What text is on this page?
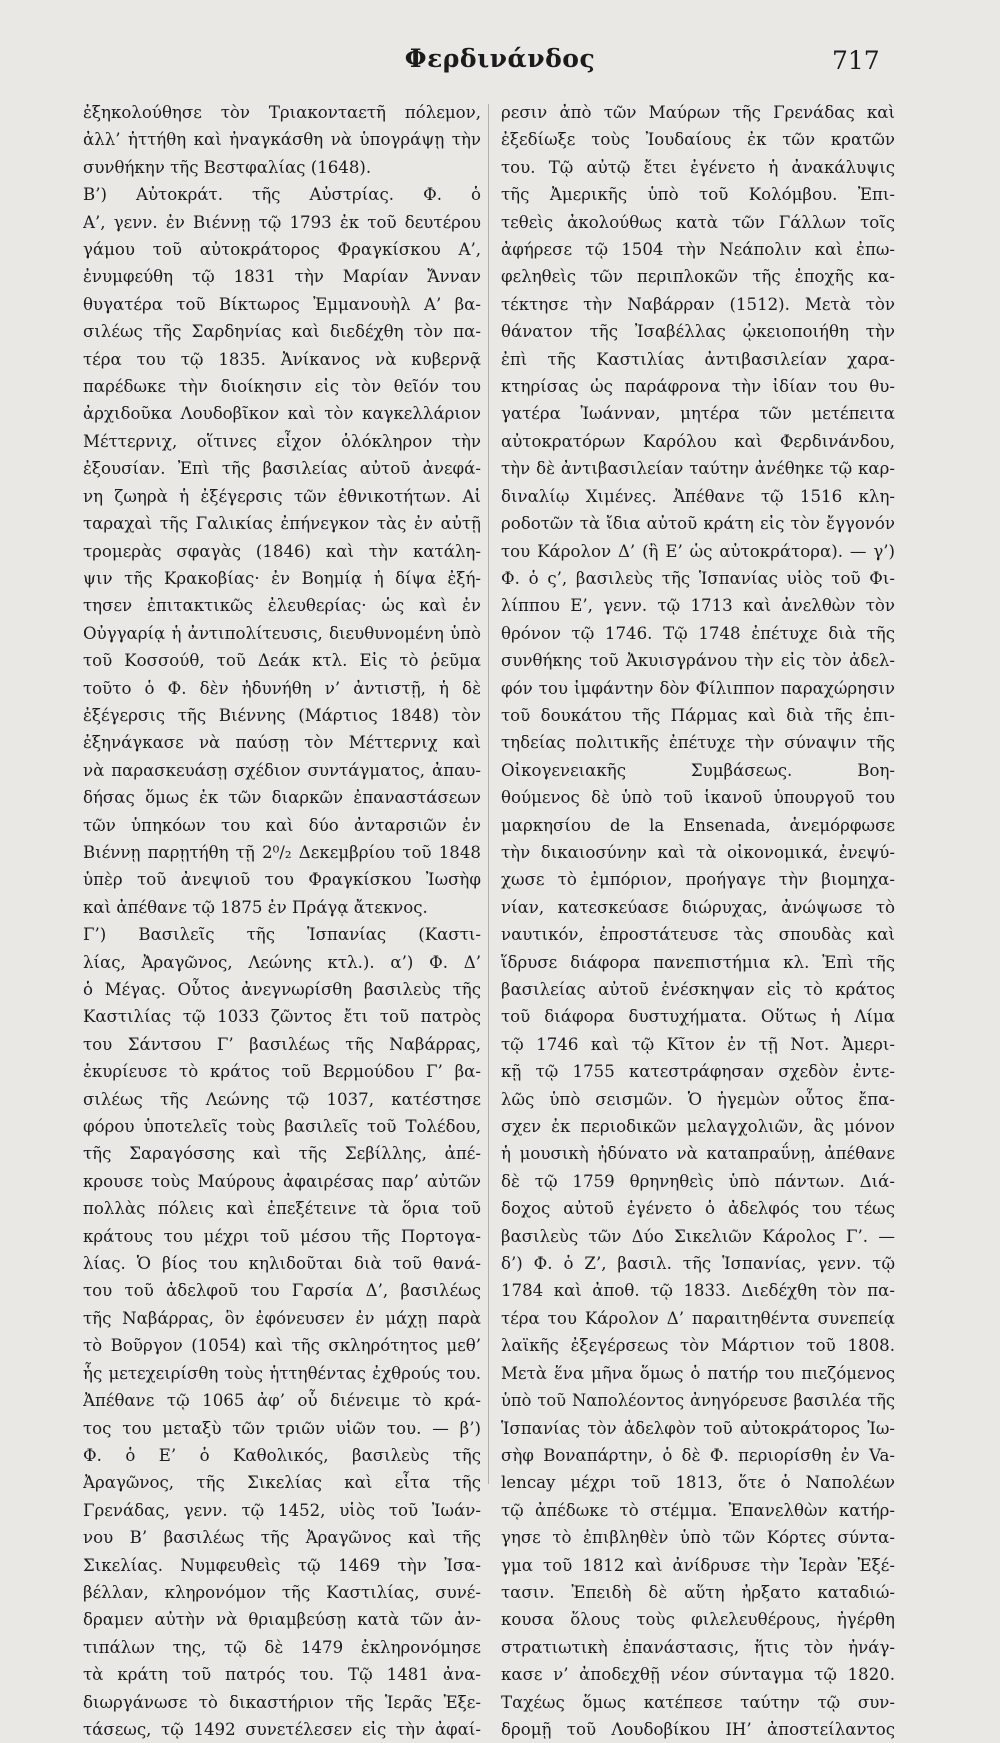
Φερδινάνδος	717
ἐξηκολούθησε τὸν Τριακονταετῆ πόλεμον,
ἀλλ’ ἡττήθη καὶ ἠναγκάσθη νὰ ὑπογράψῃ τὴν
συνθήκην τῆς Βεστφαλίας (1648).
Β’) Αὐτοκράτ. τῆς Αὐστρίας. Φ. ὁ
Α’, γενν. ἐν Βιέννῃ τῷ 1793 ἐκ τοῦ δευτέρου
γάμου τοῦ αὐτοκράτορος Φραγκίσκου Α’,
ἐνυμφεύθη τῷ 1831 τὴν Μαρίαν Ἄνναν
θυγατέρα τοῦ Βίκτωρος Ἐμμανουὴλ Α’ βα-
σιλέως τῆς Σαρδηνίας καὶ διεδέχθη τὸν πα-
τέρα του τῷ 1835. Ἀνίκανος νὰ κυβερνᾷ
παρέδωκε τὴν διοίκησιν εἰς τὸν θεῖόν του
ἀρχιδοῦκα Λουδοβῖκον καὶ τὸν καγκελλάριον
Μέττερνιχ, οἵτινες εἶχον ὁλόκληρον τὴν
ἐξουσίαν. Ἐπὶ τῆς βασιλείας αὐτοῦ ἀνεφά-
νη ζωηρὰ ἡ ἐξέγερσις τῶν ἐθνικοτήτων. Αἱ
ταραχαὶ τῆς Γαλικίας ἐπήνεγκον τὰς ἐν αὐτῇ
τρομερὰς σφαγὰς (1846) καὶ τὴν κατάλη-
ψιν τῆς Κρακοβίας· ἐν Βοημίᾳ ἡ δίψα ἐξή-
τησεν ἐπιτακτικῶς ἐλευθερίας· ὡς καὶ ἐν
Οὐγγαρίᾳ ἡ ἀντιπολίτευσις, διευθυνομένη ὑπὸ
τοῦ Κοσσούθ, τοῦ Δεάκ κτλ. Εἰς τὸ ῥεῦμα
τοῦτο ὁ Φ. δὲν ἠδυνήθη ν’ ἀντιστῇ, ἡ δὲ
ἐξέγερσις τῆς Βιέννης (Μάρτιος 1848) τὸν
ἐξηνάγκασε νὰ παύσῃ τὸν Μέττερνιχ καὶ
νὰ παρασκευάσῃ σχέδιον συντάγματος, ἀπαυ-
δήσας ὅμως ἐκ τῶν διαρκῶν ἐπαναστάσεων
τῶν ὑπηκόων του καὶ δύο ἀνταρσιῶν ἐν
Βιέννῃ παρῃτήθη τῇ 2⁰/₂ Δεκεμβρίου τοῦ 1848
ὑπὲρ τοῦ ἀνεψιοῦ του Φραγκίσκου Ἰωσὴφ
καὶ ἀπέθανε τῷ 1875 ἐν Πράγᾳ ἄτεκνος.
Γ’) Βασιλεῖς τῆς Ἱσπανίας (Καστι-
λίας, Ἀραγῶνος, Λεώνης κτλ.). α’) Φ. Δ’
ὁ Μέγας. Οὗτος ἀνεγνωρίσθη βασιλεὺς τῆς
Καστιλίας τῷ 1033 ζῶντος ἔτι τοῦ πατρὸς
του Σάντσου Γ’ βασιλέως τῆς Ναβάρρας,
ἐκυρίευσε τὸ κράτος τοῦ Βερμούδου Γ’ βα-
σιλέως τῆς Λεώνης τῷ 1037, κατέστησε
φόρου ὑποτελεῖς τοὺς βασιλεῖς τοῦ Τολέδου,
τῆς Σαραγόσσης καὶ τῆς Σεβίλλης, ἀπέ-
κρουσε τοὺς Μαύρους ἀφαιρέσας παρ’ αὐτῶν
πολλὰς πόλεις καὶ ἐπεξέτεινε τὰ ὅρια τοῦ
κράτους του μέχρι τοῦ μέσου τῆς Πορτογα-
λίας. Ὁ βίος του κηλιδοῦται διὰ τοῦ θανά-
του τοῦ ἀδελφοῦ του Γαρσία Δ’, βασιλέως
τῆς Ναβάρρας, ὃν ἐφόνευσεν ἐν μάχῃ παρὰ
τὸ Βοῦργον (1054) καὶ τῆς σκληρότητος μεθ’
ἧς μετεχειρίσθη τοὺς ἡττηθέντας ἐχθρούς του.
Ἀπέθανε τῷ 1065 ἀφ’ οὗ διένειμε τὸ κρά-
τος του μεταξὺ τῶν τριῶν υἱῶν του. — β’)
Φ. ὁ Ε’ ὁ Καθολικός, βασιλεὺς τῆς
Ἀραγῶνος, τῆς Σικελίας καὶ εἶτα τῆς
Γρενάδας, γενν. τῷ 1452, υἱὸς τοῦ Ἰωάν-
νου Β’ βασιλέως τῆς Ἀραγῶνος καὶ τῆς
Σικελίας. Νυμφευθεὶς τῷ 1469 τὴν Ἰσα-
βέλλαν, κληρονόμον τῆς Καστιλίας, συνέ-
δραμεν αὐτὴν νὰ θριαμβεύσῃ κατὰ τῶν ἀν-
τιπάλων της, τῷ δὲ 1479 ἐκληρονόμησε
τὰ κράτη τοῦ πατρός του. Τῷ 1481 ἀνα-
διωργάνωσε τὸ δικαστήριον τῆς Ἱερᾶς Ἐξε-
τάσεως, τῷ 1492 συνετέλεσεν εἰς τὴν ἀφαί-
ρεσιν ἀπὸ τῶν Μαύρων τῆς Γρενάδας καὶ
ἐξεδίωξε τοὺς Ἰουδαίους ἐκ τῶν κρατῶν
του. Τῷ αὐτῷ ἔτει ἐγένετο ἡ ἀνακάλυψις
τῆς Ἀμερικῆς ὑπὸ τοῦ Κολόμβου. Ἐπι-
τεθεὶς ἀκολούθως κατὰ τῶν Γάλλων τοῖς
ἀφήρεσε τῷ 1504 τὴν Νεάπολιν καὶ ἐπω-
φεληθεὶς τῶν περιπλοκῶν τῆς ἐποχῆς κα-
τέκτησε τὴν Ναβάρραν (1512). Μετὰ τὸν
θάνατον τῆς Ἰσαβέλλας ᾠκειοποιήθη τὴν
ἐπὶ τῆς Καστιλίας ἀντιβασιλείαν χαρα-
κτηρίσας ὡς παράφρονα τὴν ἰδίαν του θυ-
γατέρα Ἰωάνναν, μητέρα τῶν μετέπειτα
αὐτοκρατόρων Καρόλου καὶ Φερδινάνδου,
τὴν δὲ ἀντιβασιλείαν ταύτην ἀνέθηκε τῷ καρ-
διναλίῳ Χιμένες. Ἀπέθανε τῷ 1516 κλη-
ροδοτῶν τὰ ἴδια αὐτοῦ κράτη εἰς τὸν ἔγγονόν
του Κάρολον Δ’ (ἢ Ε’ ὡς αὐτοκράτορα). — γ’)
Φ. ὁ ς’, βασιλεὺς τῆς Ἱσπανίας υἱὸς τοῦ Φι-
λίππου Ε’, γενν. τῷ 1713 καὶ ἀνελθὼν τὸν
θρόνον τῷ 1746. Τῷ 1748 ἐπέτυχε διὰ τῆς
συνθήκης τοῦ Ἀκυισγράνου τὴν εἰς τὸν ἀδελ-
φόν του ἰμφάντην δὸν Φίλιππον παραχώρησιν
τοῦ δουκάτου τῆς Πάρμας καὶ διὰ τῆς ἐπι-
τηδείας πολιτικῆς ἐπέτυχε τὴν σύναψιν τῆς
Οἰκογενειακῆς Συμβάσεως. Βοη-
θούμενος δὲ ὑπὸ τοῦ ἱκανοῦ ὑπουργοῦ του
μαρκησίου de la Ensenada, ἀνεμόρφωσε
τὴν δικαιοσύνην καὶ τὰ οἰκονομικά, ἐνεψύ-
χωσε τὸ ἐμπόριον, προήγαγε τὴν βιομηχα-
νίαν, κατεσκεύασε διώρυχας, ἀνώψωσε τὸ
ναυτικόν, ἐπροστάτευσε τὰς σπουδὰς καὶ
ἵδρυσε διάφορα πανεπιστήμια κλ. Ἐπὶ τῆς
βασιλείας αὐτοῦ ἐνέσκηψαν εἰς τὸ κράτος
τοῦ διάφορα δυστυχήματα. Οὕτως ἡ Λίμα
τῷ 1746 καὶ τῷ Κῖτον ἐν τῇ Νοτ. Ἀμερι-
κῇ τῷ 1755 κατεστράφησαν σχεδὸν ἐντε-
λῶς ὑπὸ σεισμῶν. Ὁ ἡγεμὼν οὗτος ἔπα-
σχεν ἐκ περιοδικῶν μελαγχολιῶν, ἃς μόνον
ἡ μουσικὴ ἠδύνατο νὰ καταπραΰνῃ, ἀπέθανε
δὲ τῷ 1759 θρηνηθεὶς ὑπὸ πάντων. Διά-
δοχος αὐτοῦ ἐγένετο ὁ ἀδελφός του τέως
βασιλεὺς τῶν Δύο Σικελιῶν Κάρολος Γ’. —
δ’) Φ. ὁ Ζ’, βασιλ. τῆς Ἱσπανίας, γενν. τῷ
1784 καὶ ἀποθ. τῷ 1833. Διεδέχθη τὸν πα-
τέρα του Κάρολον Δ’ παραιτηθέντα συνεπείᾳ
λαϊκῆς ἐξεγέρσεως τὸν Μάρτιον τοῦ 1808.
Μετὰ ἕνα μῆνα ὅμως ὁ πατήρ του πιεζόμενος
ὑπὸ τοῦ Ναπολέοντος ἀνηγόρευσε βασιλέα τῆς
Ἱσπανίας τὸν ἀδελφὸν τοῦ αὐτοκράτορος Ἰω-
σὴφ Βοναπάρτην, ὁ δὲ Φ. περιορίσθη ἐν Va-
lencay μέχρι τοῦ 1813, ὅτε ὁ Ναπολέων
τῷ ἀπέδωκε τὸ στέμμα. Ἐπανελθὼν κατήρ-
γησε τὸ ἐπιβληθὲν ὑπὸ τῶν Κόρτες σύντα-
γμα τοῦ 1812 καὶ ἀνίδρυσε τὴν Ἱερὰν Ἐξέ-
τασιν. Ἐπειδὴ δὲ αὕτη ἠρξατο καταδιώ-
κουσα ὅλους τοὺς φιλελευθέρους, ἠγέρθη
στρατιωτικὴ ἐπανάστασις, ἥτις τὸν ἠνάγ-
κασε ν’ ἀποδεχθῇ νέον σύνταγμα τῷ 1820.
Ταχέως ὅμως κατέπεσε ταύτην τῷ συν-
δρομῇ τοῦ Λουδοβίκου ΙΗ’ ἀποστείλαντος
